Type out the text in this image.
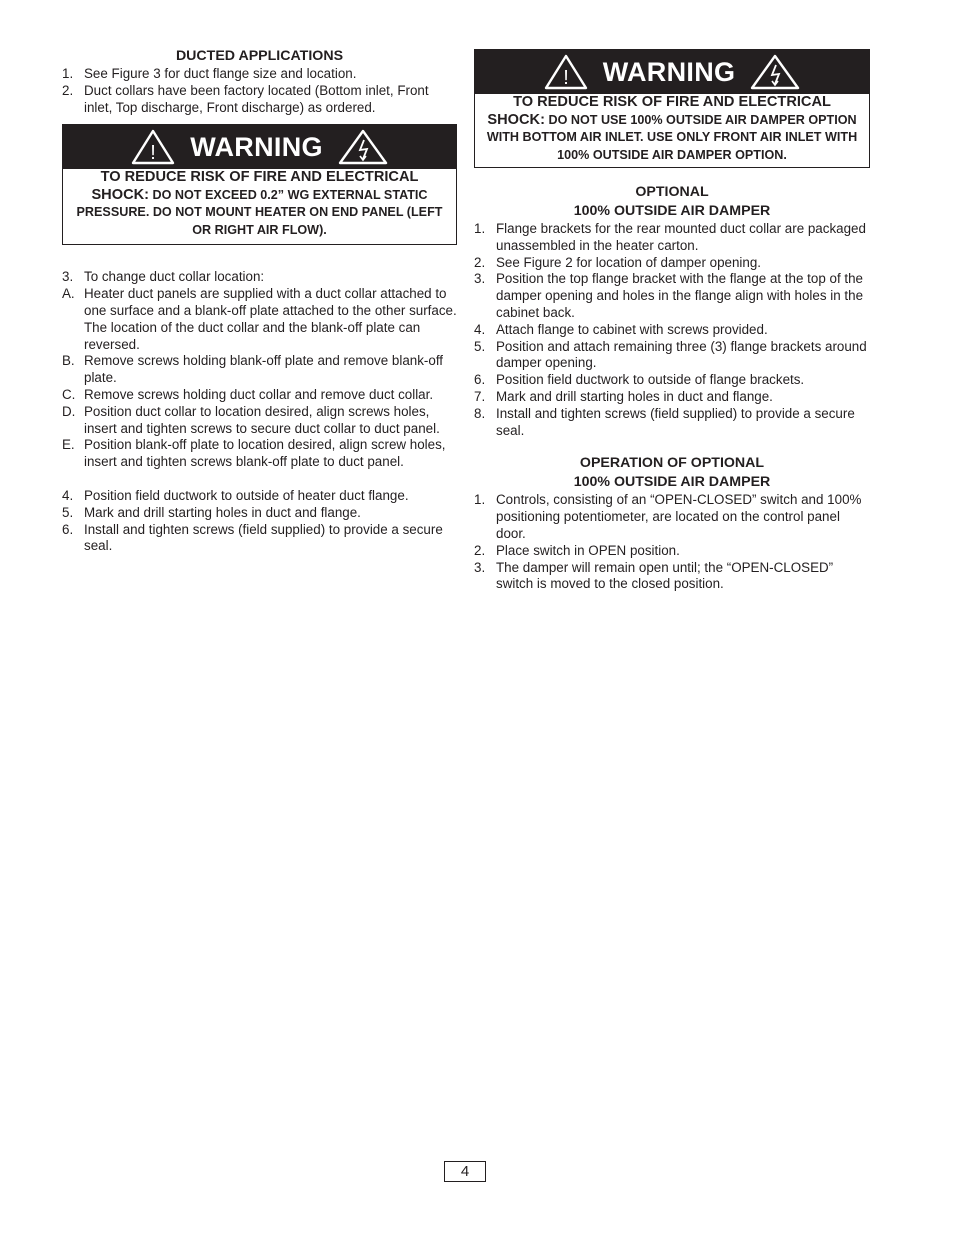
DUCTED APPLICATIONS
1. See Figure 3 for duct flange size and location.
2. Duct collars have been factory located (Bottom inlet, Front inlet, Top discharge, Front discharge) as ordered.
! WARNING
TO REDUCE RISK OF FIRE AND ELECTRICAL
SHOCK: DO NOT EXCEED 0.2” WG EXTERNAL STATIC PRESSURE. DO NOT MOUNT HEATER ON END PANEL (LEFT OR RIGHT AIR FLOW).
3. To change duct collar location:
A. Heater duct panels are supplied with a duct collar attached to one surface and a blank-off plate attached to the other surface. The location of the duct collar and the blank-off plate can reversed.
B. Remove screws holding blank-off plate and remove blank-off plate.
C. Remove screws holding duct collar and remove duct collar.
D. Position duct collar to location desired, align screws holes, insert and tighten screws to secure duct collar to duct panel.
E. Position blank-off plate to location desired, align screw holes, insert and tighten screws blank-off plate to duct panel.
4. Position field ductwork to outside of heater duct flange.
5. Mark and drill starting holes in duct and flange.
6. Install and tighten screws (field supplied) to provide a secure seal.
! WARNING
TO REDUCE RISK OF FIRE AND ELECTRICAL
SHOCK: DO NOT USE 100% OUTSIDE AIR DAMPER OPTION WITH BOTTOM AIR INLET. USE ONLY FRONT AIR INLET WITH 100% OUTSIDE AIR DAMPER OPTION.
OPTIONAL
100% OUTSIDE AIR DAMPER
1. Flange brackets for the rear mounted duct collar are packaged unassembled in the heater carton.
2. See Figure 2 for location of damper opening.
3. Position the top flange bracket with the flange at the top of the damper opening and holes in the flange align with holes in the cabinet back.
4. Attach flange to cabinet with screws provided.
5. Position and attach remaining three (3) flange brackets around damper opening.
6. Position field ductwork to outside of flange brackets.
7. Mark and drill starting holes in duct and flange.
8. Install and tighten screws (field supplied) to provide a secure seal.
OPERATION OF OPTIONAL
100% OUTSIDE AIR DAMPER
1. Controls, consisting of an “OPEN-CLOSED” switch and 100% positioning potentiometer, are located on the control panel door.
2. Place switch in OPEN position.
3. The damper will remain open until; the “OPEN-CLOSED” switch is moved to the closed position.
4
